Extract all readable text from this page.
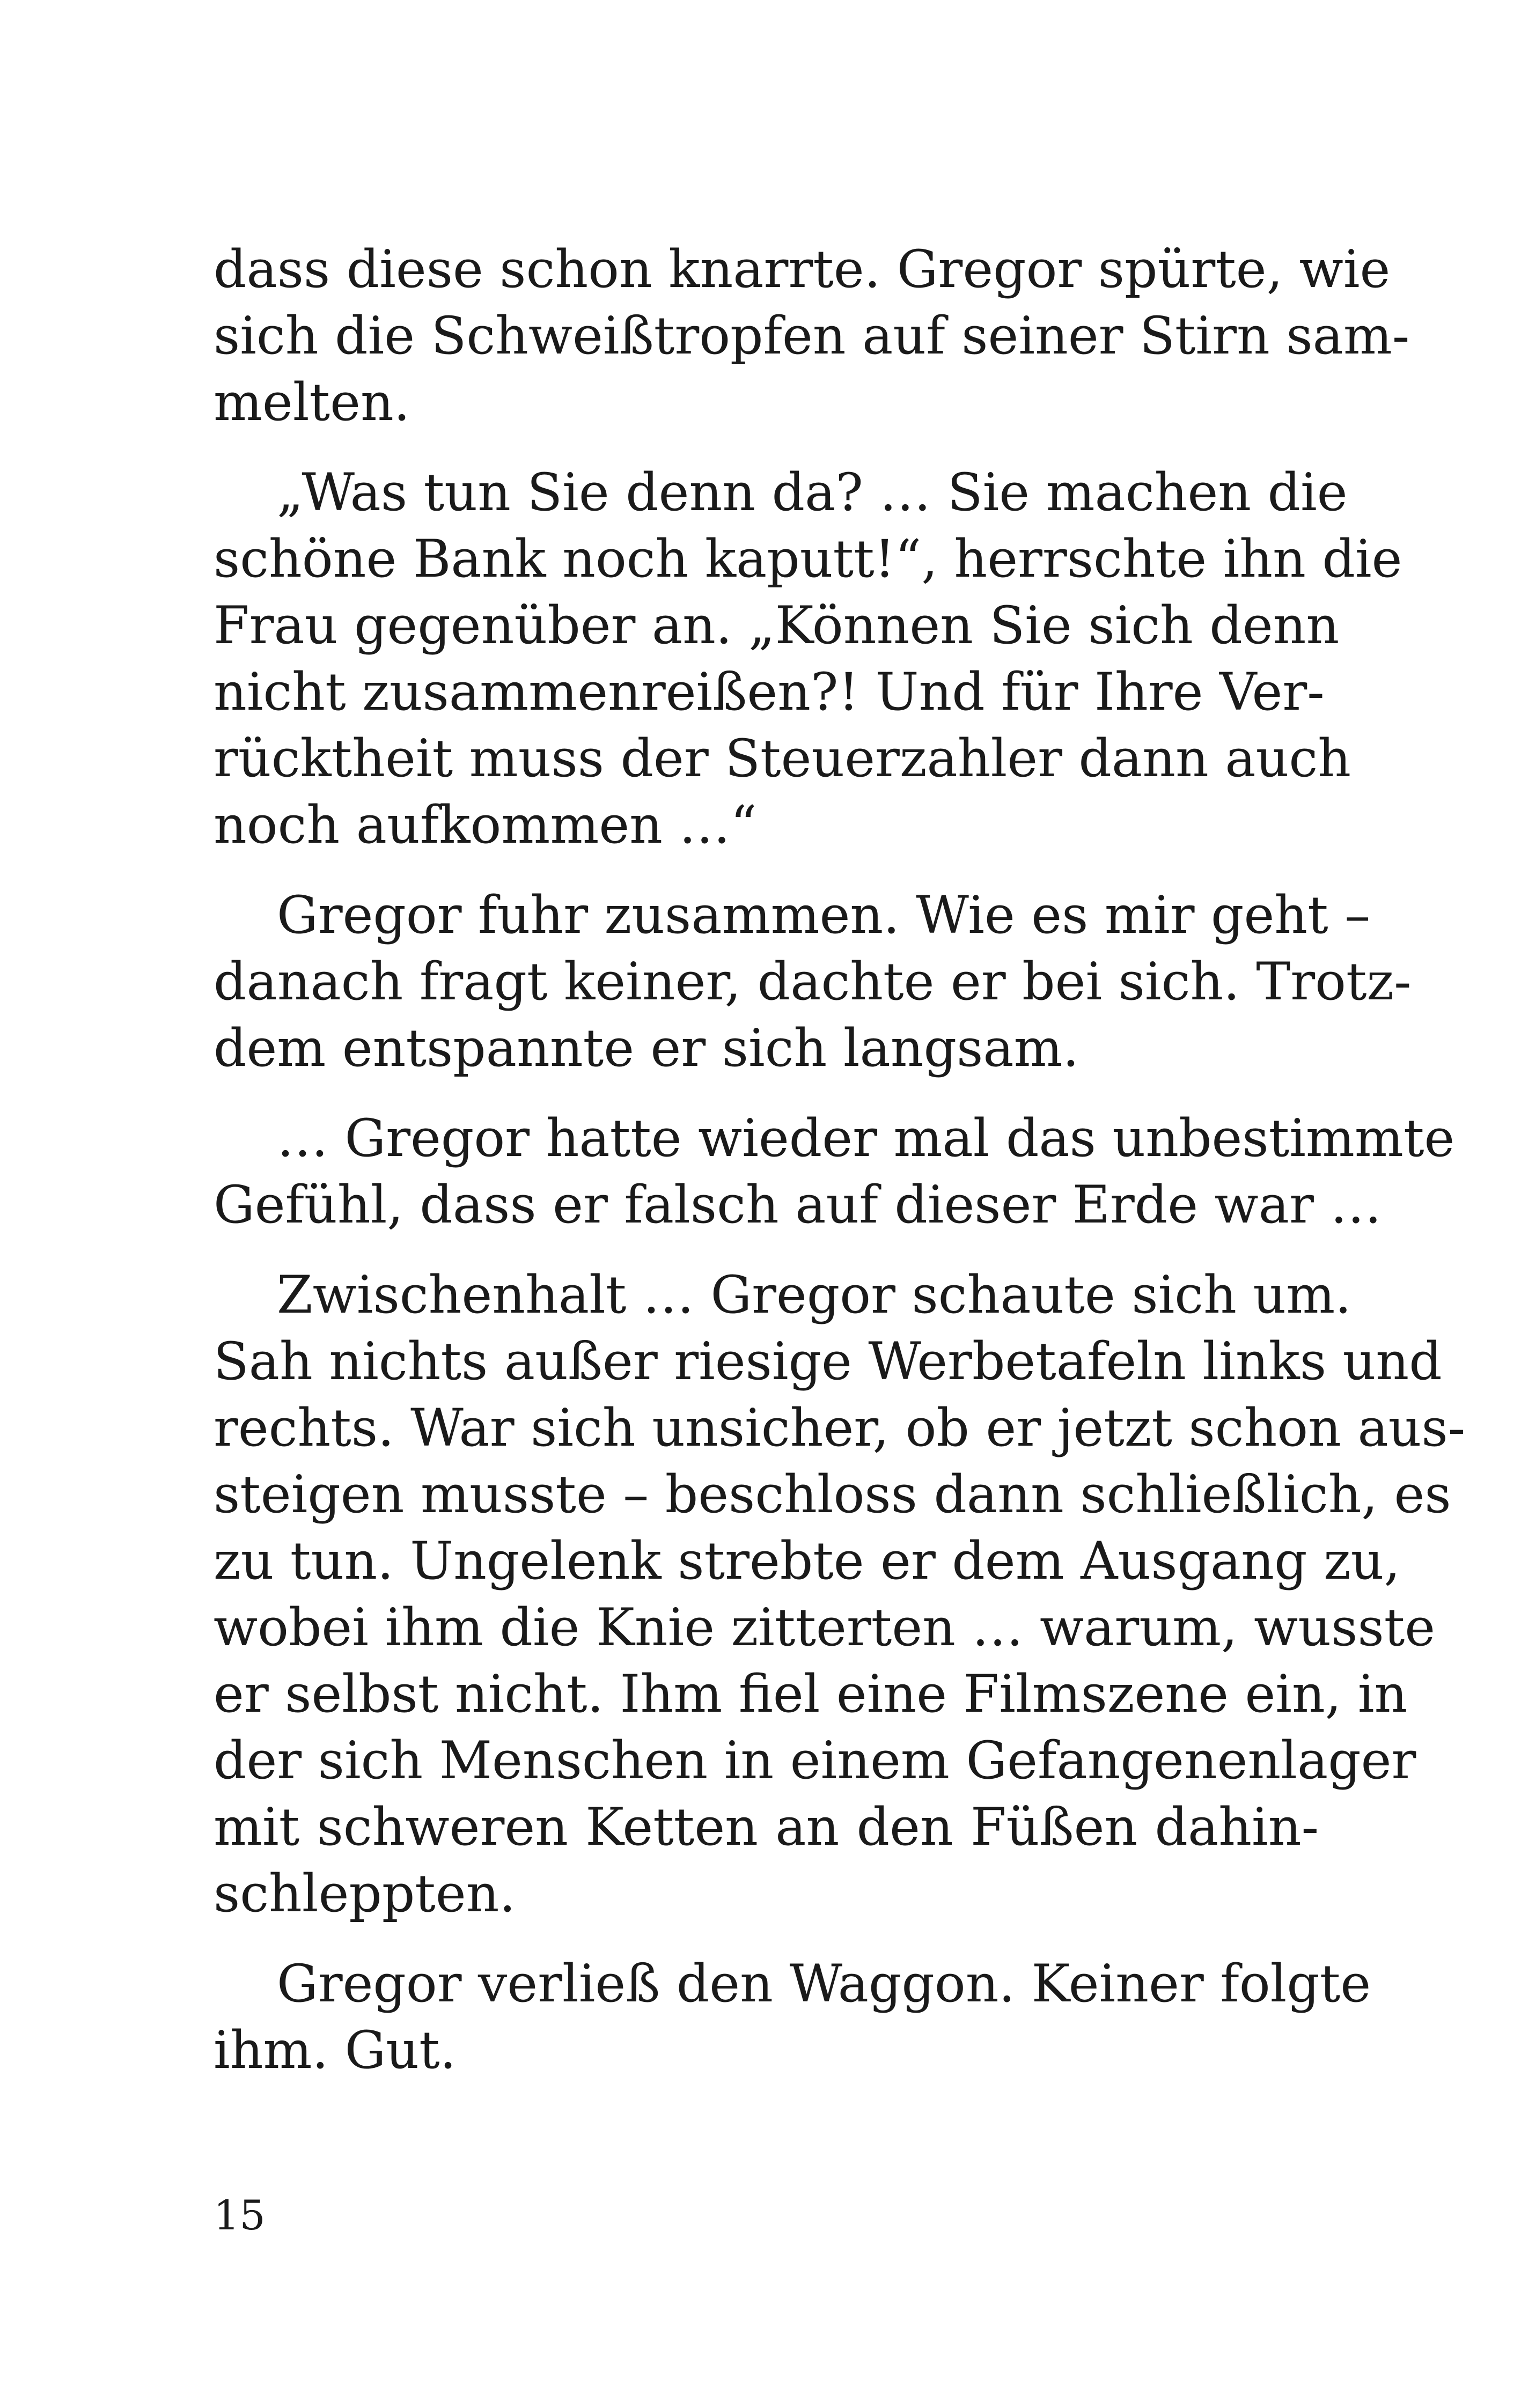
dass diese schon knarrte. Gregor spürte, wie
sich die Schweißtropfen auf seiner Stirn sam-
melten.

„Was tun Sie denn da? … Sie machen die
schöne Bank noch kaputt!“, herrschte ihn die
Frau gegenüber an. „Können Sie sich denn
nicht zusammenreißen?! Und für Ihre Ver-
rücktheit muss der Steuerzahler dann auch
noch aufkommen …“

Gregor fuhr zusammen. Wie es mir geht –
danach fragt keiner, dachte er bei sich. Trotz-
dem entspannte er sich langsam.

… Gregor hatte wieder mal das unbestimmte
Gefühl, dass er falsch auf dieser Erde war …

Zwischenhalt … Gregor schaute sich um.
Sah nichts außer riesige Werbetafeln links und
rechts. War sich unsicher, ob er jetzt schon aus-
steigen musste – beschloss dann schließlich, es
zu tun. Ungelenk strebte er dem Ausgang zu,
wobei ihm die Knie zitterten … warum, wusste
er selbst nicht. Ihm fiel eine Filmszene ein, in
der sich Menschen in einem Gefangenenlager
mit schweren Ketten an den Füßen dahin-
schleppten.

Gregor verließ den Waggon. Keiner folgte
ihm. Gut.

15
